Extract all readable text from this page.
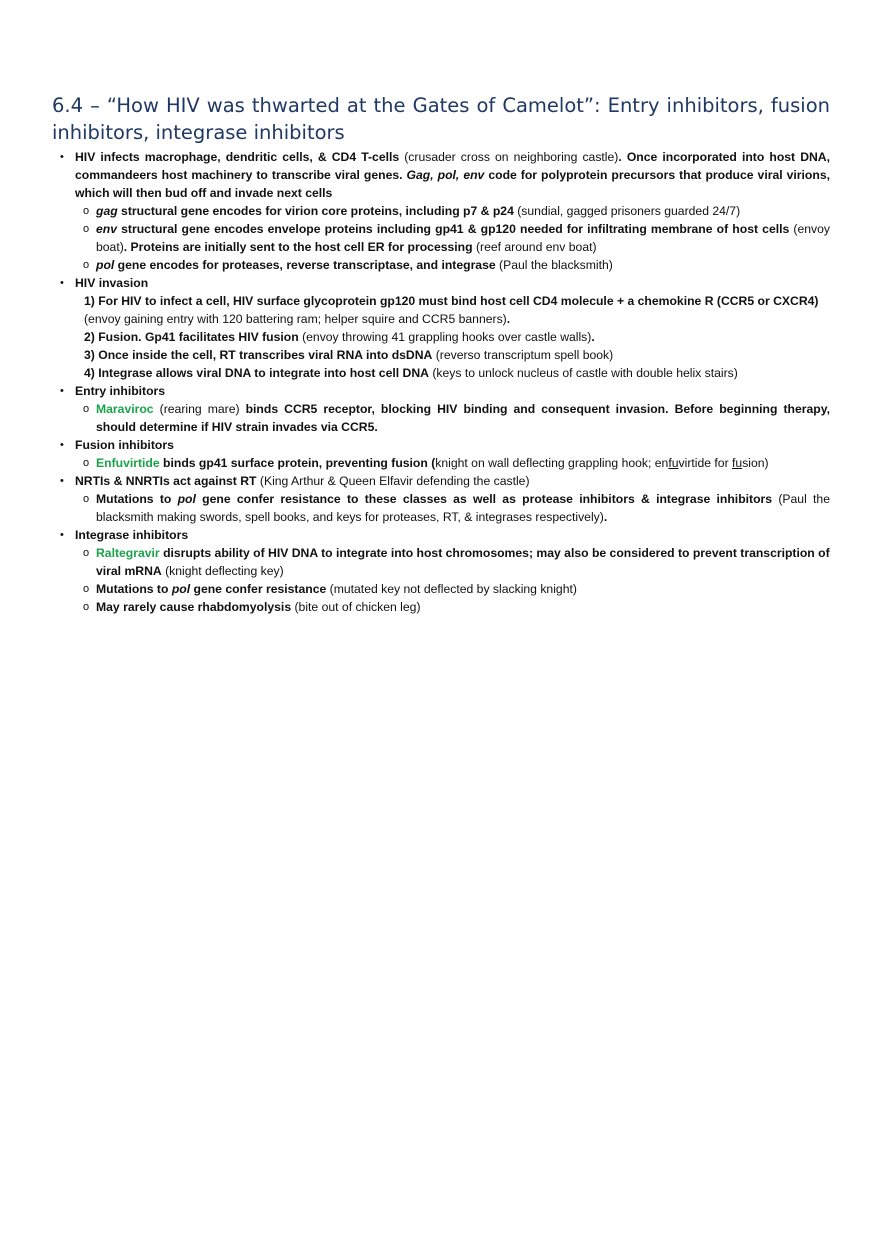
6.4 – “How HIV was thwarted at the Gates of Camelot”: Entry inhibitors, fusion inhibitors, integrase inhibitors
• HIV infects macrophage, dendritic cells, & CD4 T-cells (crusader cross on neighboring castle). Once incorporated into host DNA, commandeers host machinery to transcribe viral genes. Gag, pol, env code for polyprotein precursors that produce viral virions, which will then bud off and invade next cells
o gag structural gene encodes for virion core proteins, including p7 & p24 (sundial, gagged prisoners guarded 24/7)
o env structural gene encodes envelope proteins including gp41 & gp120 needed for infiltrating membrane of host cells (envoy boat). Proteins are initially sent to the host cell ER for processing (reef around env boat)
o pol gene encodes for proteases, reverse transcriptase, and integrase (Paul the blacksmith)
• HIV invasion
1) For HIV to infect a cell, HIV surface glycoprotein gp120 must bind host cell CD4 molecule + a chemokine R (CCR5 or CXCR4) (envoy gaining entry with 120 battering ram; helper squire and CCR5 banners).
2) Fusion. Gp41 facilitates HIV fusion (envoy throwing 41 grappling hooks over castle walls).
3) Once inside the cell, RT transcribes viral RNA into dsDNA (reverso transcriptum spell book)
4) Integrase allows viral DNA to integrate into host cell DNA (keys to unlock nucleus of castle with double helix stairs)
• Entry inhibitors
o Maraviroc (rearing mare) binds CCR5 receptor, blocking HIV binding and consequent invasion. Before beginning therapy, should determine if HIV strain invades via CCR5.
• Fusion inhibitors
o Enfuvirtide binds gp41 surface protein, preventing fusion (knight on wall deflecting grappling hook; enfuvirtide for fusion)
• NRTIs & NNRTIs act against RT (King Arthur & Queen Elfavir defending the castle)
o Mutations to pol gene confer resistance to these classes as well as protease inhibitors & integrase inhibitors (Paul the blacksmith making swords, spell books, and keys for proteases, RT, & integrases respectively).
• Integrase inhibitors
o Raltegravir disrupts ability of HIV DNA to integrate into host chromosomes; may also be considered to prevent transcription of viral mRNA (knight deflecting key)
o Mutations to pol gene confer resistance (mutated key not deflected by slacking knight)
o May rarely cause rhabdomyolysis (bite out of chicken leg)
